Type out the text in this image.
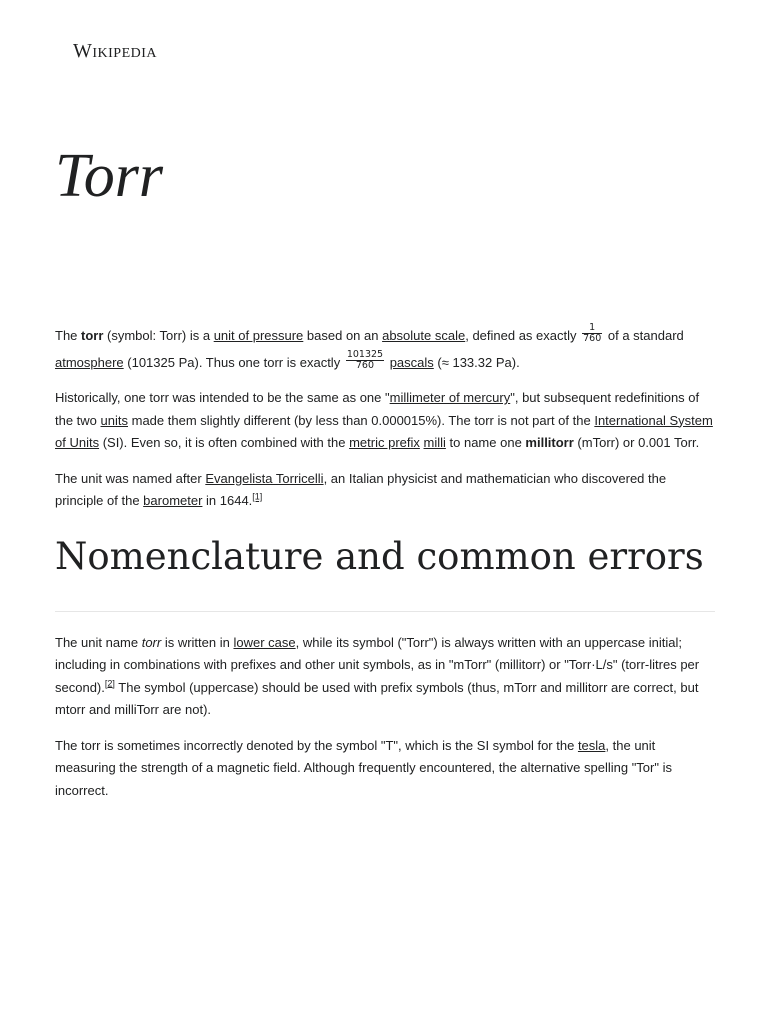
Wikipedia
Torr

The torr (symbol: Torr) is a unit of pressure based on an absolute scale, defined as exactly $\frac{1}{760}$ of a standard atmosphere (101325 Pa). Thus one torr is exactly $\frac{101325}{760}$ pascals (≈ 133.32 Pa).

Historically, one torr was intended to be the same as one "millimeter of mercury", but subsequent redefinitions of the two units made them slightly different (by less than 0.000015%). The torr is not part of the International System of Units (SI). Even so, it is often combined with the metric prefix milli to name one millitorr (mTorr) or 0.001 Torr.

The unit was named after Evangelista Torricelli, an Italian physicist and mathematician who discovered the principle of the barometer in 1644.[1]

Nomenclature and common errors

The unit name torr is written in lower case, while its symbol ("Torr") is always written with an uppercase initial; including in combinations with prefixes and other unit symbols, as in "mTorr" (millitorr) or "Torr·L/s" (torr-litres per second).[2] The symbol (uppercase) should be used with prefix symbols (thus, mTorr and millitorr are correct, but mtorr and milliTorr are not).

The torr is sometimes incorrectly denoted by the symbol "T", which is the SI symbol for the tesla, the unit measuring the strength of a magnetic field. Although frequently encountered, the alternative spelling "Tor" is incorrect.
